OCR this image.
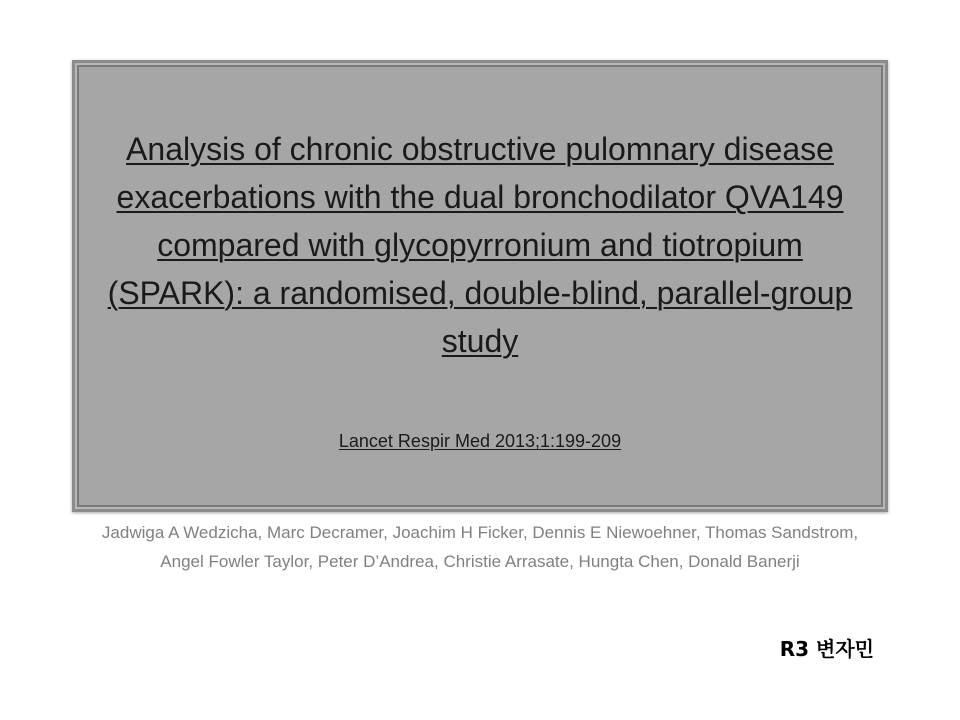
Analysis of chronic obstructive pulomnary disease exacerbations with the dual bronchodilator QVA149 compared with glycopyrronium and tiotropium (SPARK): a randomised, double-blind, parallel-group study
Lancet Respir Med 2013;1:199-209
Jadwiga A Wedzicha, Marc Decramer, Joachim H Ficker, Dennis E Niewoehner, Thomas Sandstrom, Angel Fowler Taylor, Peter D’Andrea, Christie Arrasate, Hungta Chen, Donald Banerji
R3 변자민
